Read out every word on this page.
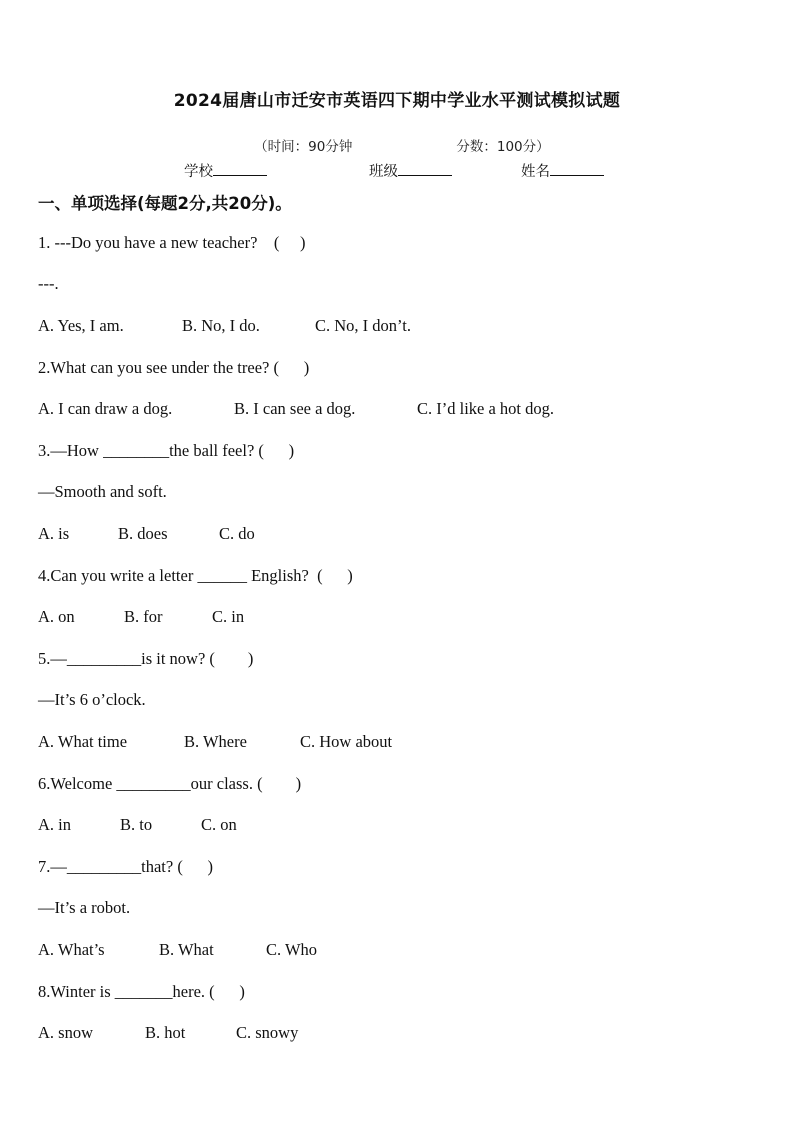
2024届唐山市迁安市英语四下期中学业水平测试模拟试题

（时间：90分钟	分数：100分）

学校	班级	姓名
一、单项选择(每题2分,共20分)。
1. ---Do you have a new teacher?    (     )
---.
A. Yes, I am.	B. No, I do.	C. No, I don’t.
2.What can you see under the tree? (      )
A. I can draw a dog.	B. I can see a dog.	C. I’d like a hot dog.
3.—How ________the ball feel? (      )
—Smooth and soft.
A. is	B. does	C. do
4.Can you write a letter ______ English?  (      )
A. on	B. for	C. in
5.—_________is it now? (        )
—It’s 6 o’clock.
A. What time	B. Where	C. How about
6.Welcome _________our class. (        )
A. in	B. to	C. on
7.—_________that? (      )
—It’s a robot.
A. What’s	B. What	C. Who
8.Winter is _______here. (      )
A. snow	B. hot	C. snowy
